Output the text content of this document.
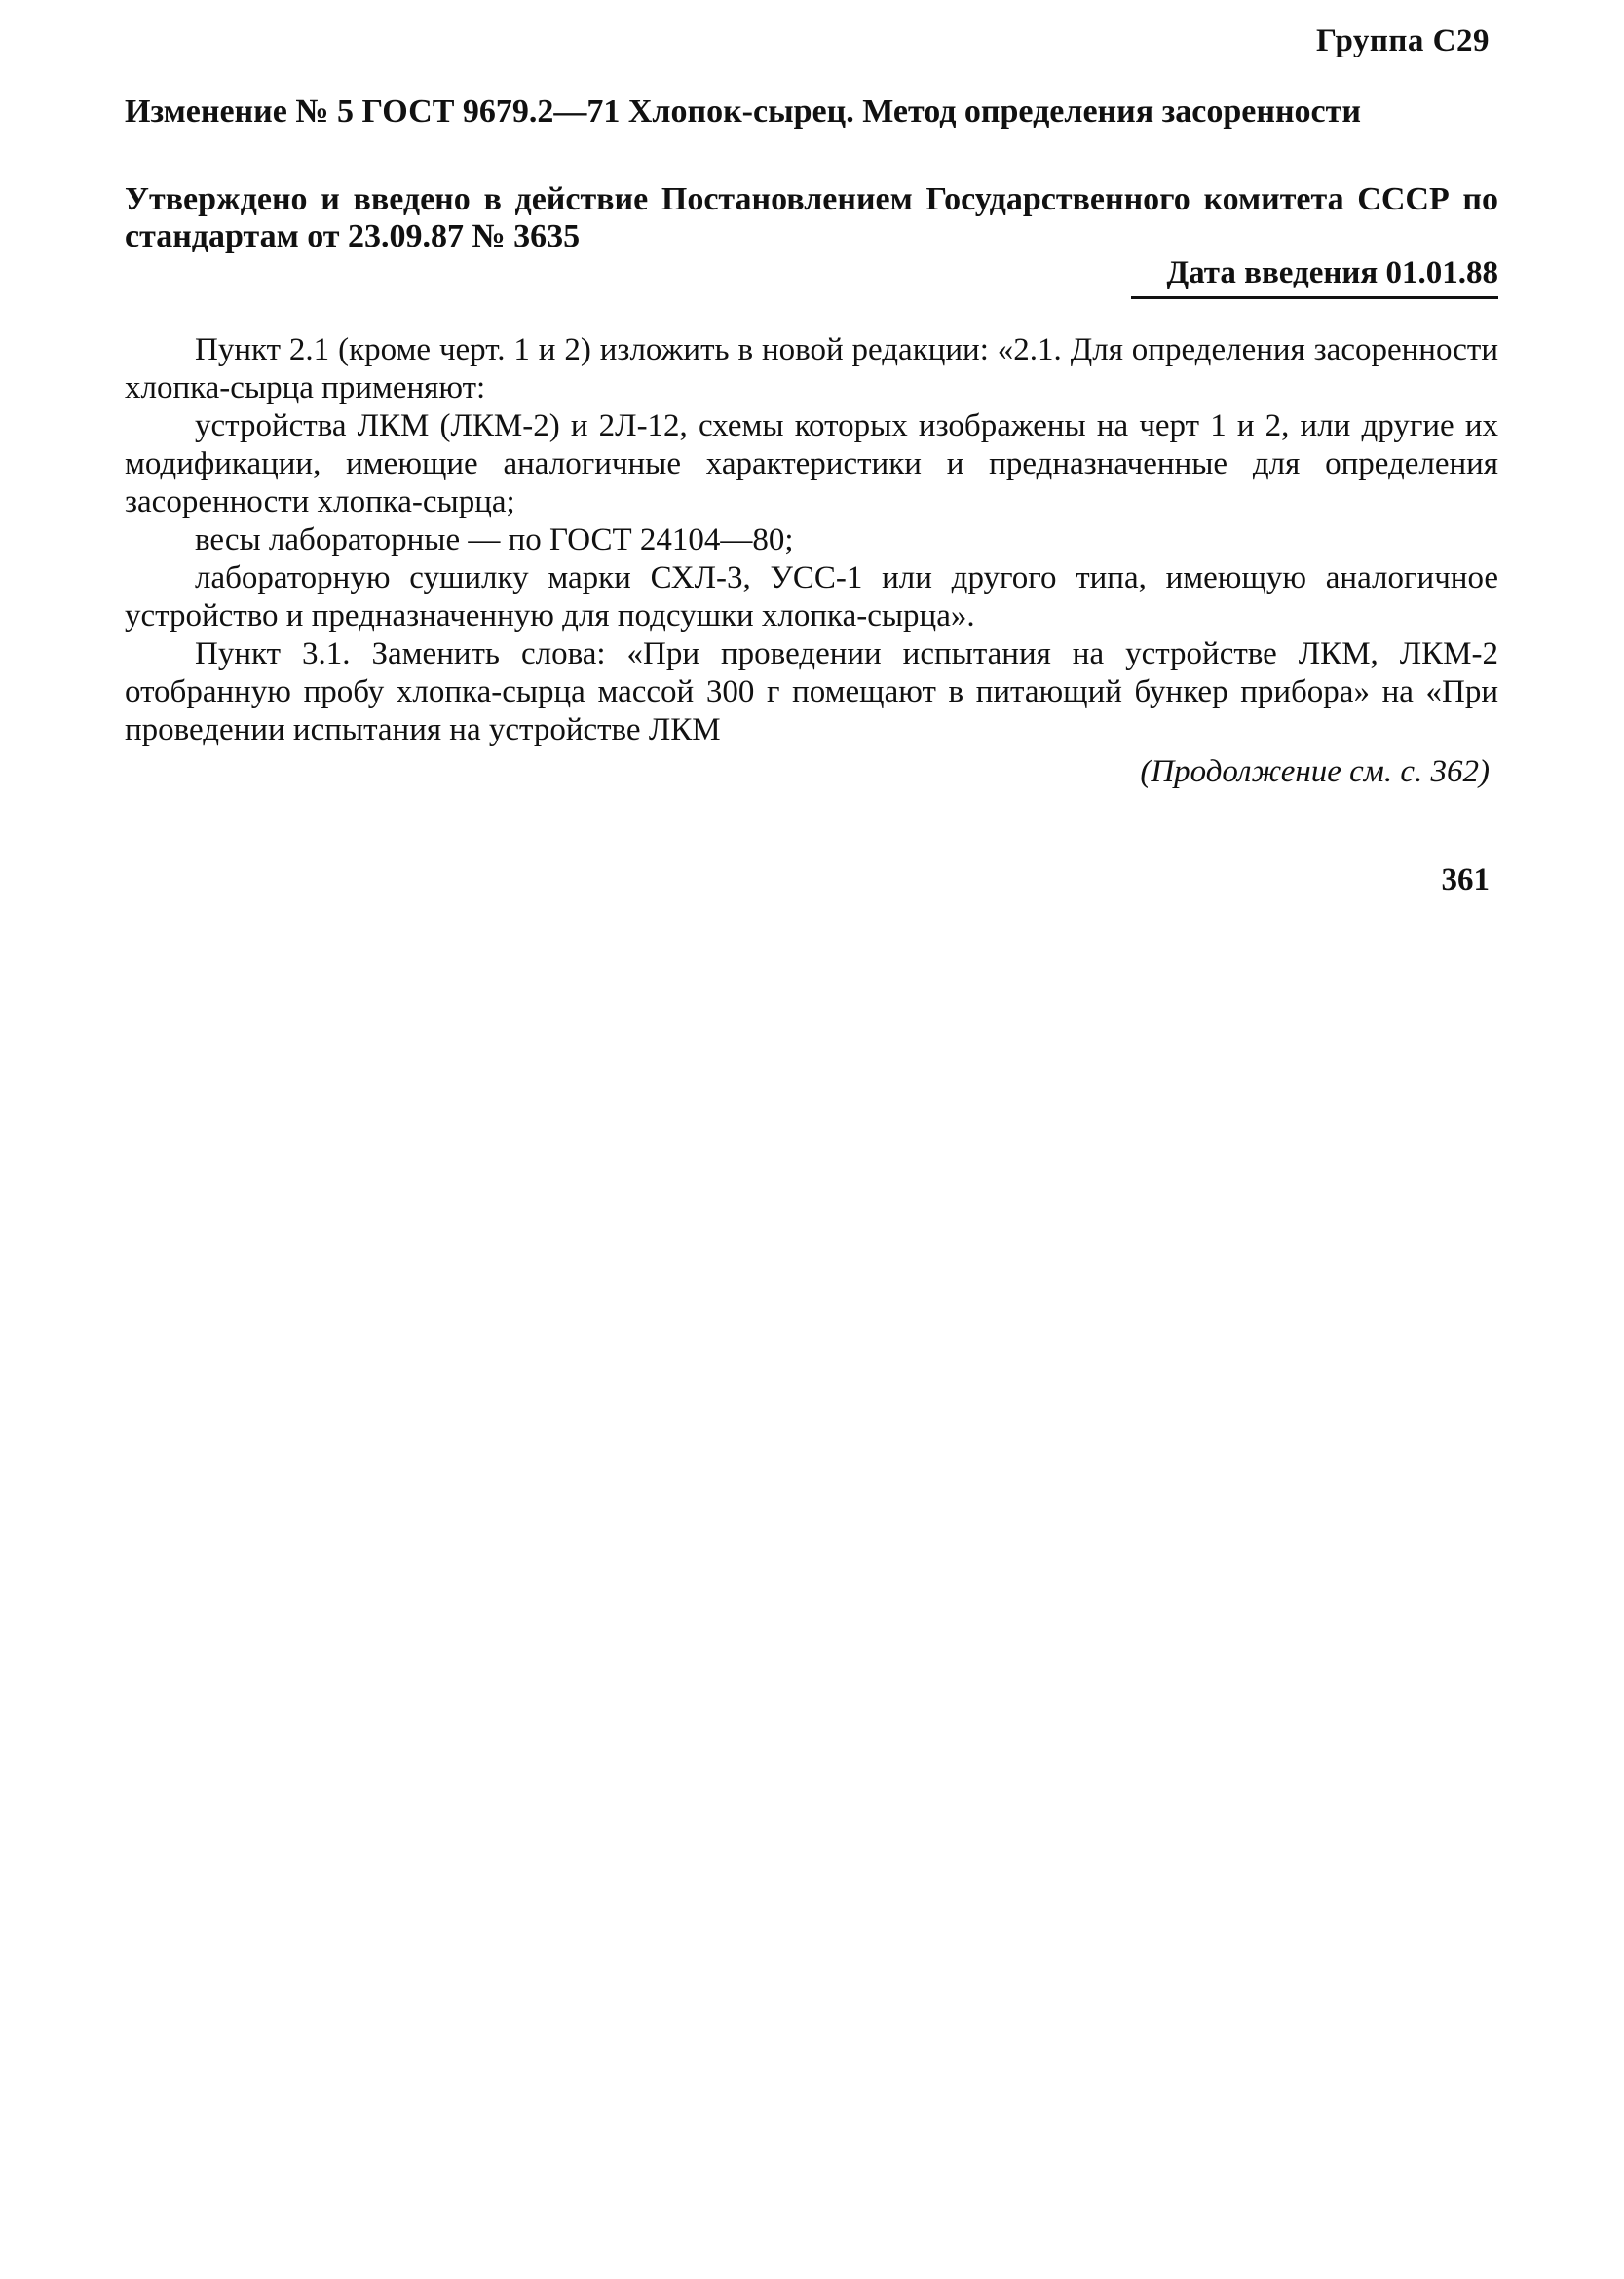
Группа С29
Изменение № 5 ГОСТ 9679.2—71 Хлопок-сырец. Метод определения засоренности
Утверждено и введено в действие Постановлением Государственного комитета СССР по стандартам от 23.09.87 № 3635
Дата введения 01.01.88

Пункт 2.1 (кроме черт. 1 и 2) изложить в новой редакции: «2.1. Для определения засоренности хлопка-сырца применяют:

устройства ЛКМ (ЛКМ-2) и 2Л-12, схемы которых изображены на черт 1 и 2, или другие их модификации, имеющие аналогичные характеристики и предназначенные для определения засоренности хлопка-сырца;

весы лабораторные — по ГОСТ 24104—80;

лабораторную сушилку марки СХЛ-3, УСС-1 или другого типа, имеющую аналогичное устройство и предназначенную для подсушки хлопка-сырца».

Пункт 3.1. Заменить слова: «При проведении испытания на устройстве ЛКМ, ЛКМ-2 отобранную пробу хлопка-сырца массой 300 г помещают в питающий бункер прибора» на «При проведении испытания на устройстве ЛКМ

(Продолжение см. с. 362)
361
